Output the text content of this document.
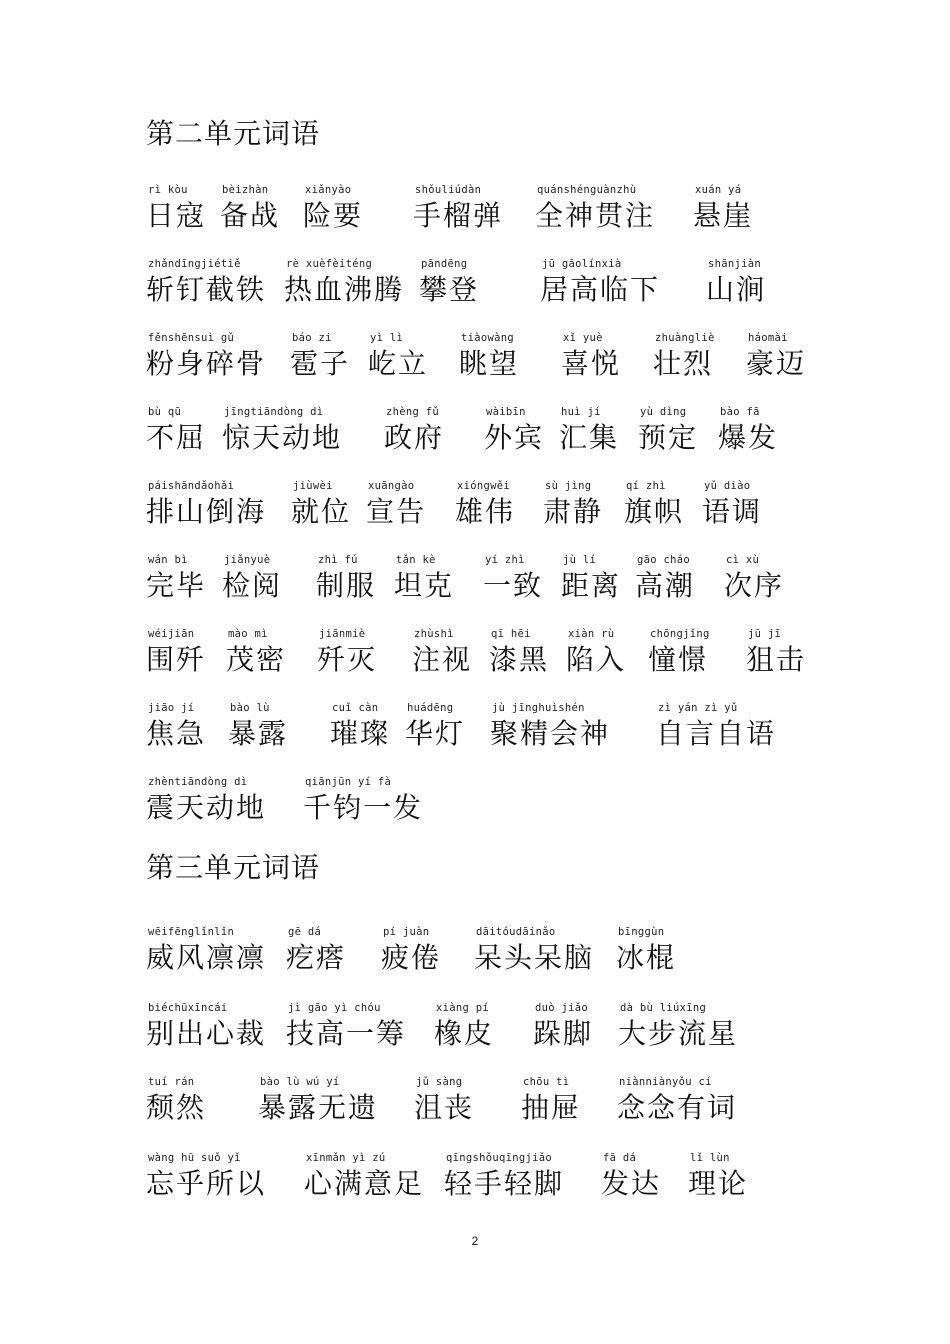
第二单元词语
rì kòu
日寇
bèizhàn
备战
xiǎnyào
险要
shǒuliúdàn
手榴弹
quánshénguànzhù
全神贯注
xuán yá
悬崖
zhǎndīngjiétiě
斩钉截铁
rè xuèfèiténg
热血沸腾
pāndēng
攀登
jū gāolínxià
居高临下
shānjiàn
山涧
fěnshēnsuì gǔ
粉身碎骨
báo zi
雹子
yì lì
屹立
tiàowàng
眺望
xǐ yuè
喜悦
zhuàngliè
壮烈
háomài
豪迈
bù qū
不屈
jīngtiāndòng dì
惊天动地
zhèng fǔ
政府
wàibīn
外宾
huì jí
汇集
yù dìng
预定
bào fā
爆发
páishāndǎohǎi
排山倒海
jiùwèi
就位
xuāngào
宣告
xióngwěi
雄伟
sù jìng
肃静
qí zhì
旗帜
yǔ diào
语调
wán bì
完毕
jiǎnyuè
检阅
zhì fú
制服
tǎn kè
坦克
yí zhì
一致
jù lí
距离
gāo cháo
高潮
cì xù
次序
wéijiān
围歼
mào mì
茂密
jiānmiè
歼灭
zhùshì
注视
qī hēi
漆黑
xiàn rù
陷入
chōngjǐng
憧憬
jū jī
狙击
jiāo jí
焦急
bào lù
暴露
cuǐ càn
璀璨
huádēng
华灯
jù jīnghuìshén
聚精会神
zì yán zì yǔ
自言自语
zhèntiāndòng dì
震天动地
qiānjūn yí fà
千钧一发
第三单元词语
wēifēnglǐnlǐn
威风凛凛
gē dá
疙瘩
pí juàn
疲倦
dāitóudāinǎo
呆头呆脑
bīnggùn
冰棍
biéchūxīncái
别出心裁
jì gāo yì chóu
技高一筹
xiàng pí
橡皮
duò jiǎo
跺脚
dà bù liúxīng
大步流星
tuí rán
颓然
bào lù wú yí
暴露无遗
jǔ sàng
沮丧
chōu tì
抽屉
niànniànyǒu cí
念念有词
wàng hū suǒ yǐ
忘乎所以
xīnmǎn yì zú
心满意足
qīngshǒuqīngjiǎo
轻手轻脚
fā dá
发达
lǐ lùn
理论
2
